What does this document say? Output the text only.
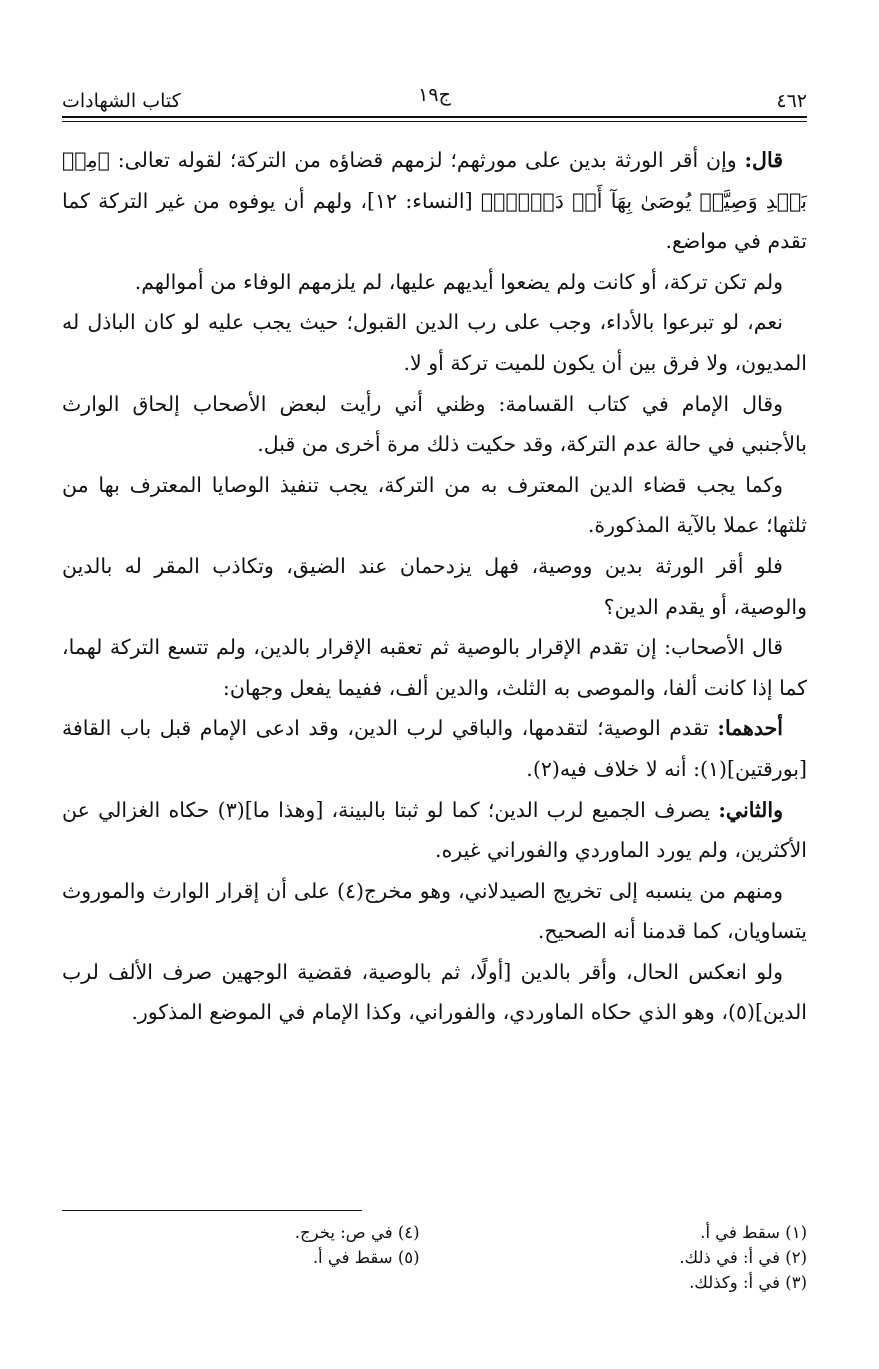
٤٦٢
ج١٩
كتاب الشهادات

قال: وإن أقر الورثة بدين على مورثهم؛ لزمهم قضاؤه من التركة؛ لقوله تعالى: ﴿مِنۢ بَعۡدِ وَصِيَّةٖ يُوصَىٰ بِهَآ أَوۡ دَيۡنٍۗ﴾ [النساء: ١٢]، ولهم أن يوفوه من غير التركة كما تقدم في مواضع.

ولم تكن تركة، أو كانت ولم يضعوا أيديهم عليها، لم يلزمهم الوفاء من أموالهم.

نعم، لو تبرعوا بالأداء، وجب على رب الدين القبول؛ حيث يجب عليه لو كان الباذل له المديون، ولا فرق بين أن يكون للميت تركة أو لا.

وقال الإمام في كتاب القسامة: وظني أني رأيت لبعض الأصحاب إلحاق الوارث بالأجنبي في حالة عدم التركة، وقد حكيت ذلك مرة أخرى من قبل.

وكما يجب قضاء الدين المعترف به من التركة، يجب تنفيذ الوصايا المعترف بها من ثلثها؛ عملا بالآية المذكورة.

فلو أقر الورثة بدين ووصية، فهل يزدحمان عند الضيق، وتكاذب المقر له بالدين والوصية، أو يقدم الدين؟

قال الأصحاب: إن تقدم الإقرار بالوصية ثم تعقبه الإقرار بالدين، ولم تتسع التركة لهما، كما إذا كانت ألفا، والموصى به الثلث، والدين ألف، ففيما يفعل وجهان:

أحدهما: تقدم الوصية؛ لتقدمها، والباقي لرب الدين، وقد ادعى الإمام قبل باب القافة [بورقتين](١): أنه لا خلاف فيه(٢).

والثاني: يصرف الجميع لرب الدين؛ كما لو ثبتا بالبينة، [وهذا ما](٣) حكاه الغزالي عن الأكثرين، ولم يورد الماوردي والفوراني غيره.

ومنهم من ينسبه إلى تخريج الصيدلاني، وهو مخرج(٤) على أن إقرار الوارث والموروث يتساويان، كما قدمنا أنه الصحيح.

ولو انعكس الحال، وأقر بالدين [أولًا، ثم بالوصية، فقضية الوجهين صرف الألف لرب الدين](٥)، وهو الذي حكاه الماوردي، والفوراني، وكذا الإمام في الموضع المذكور.

(١) سقط في أ.
(٢) في أ: في ذلك.
(٣) في أ: وكذلك.
(٤) في ص: يخرج.
(٥) سقط في أ.
